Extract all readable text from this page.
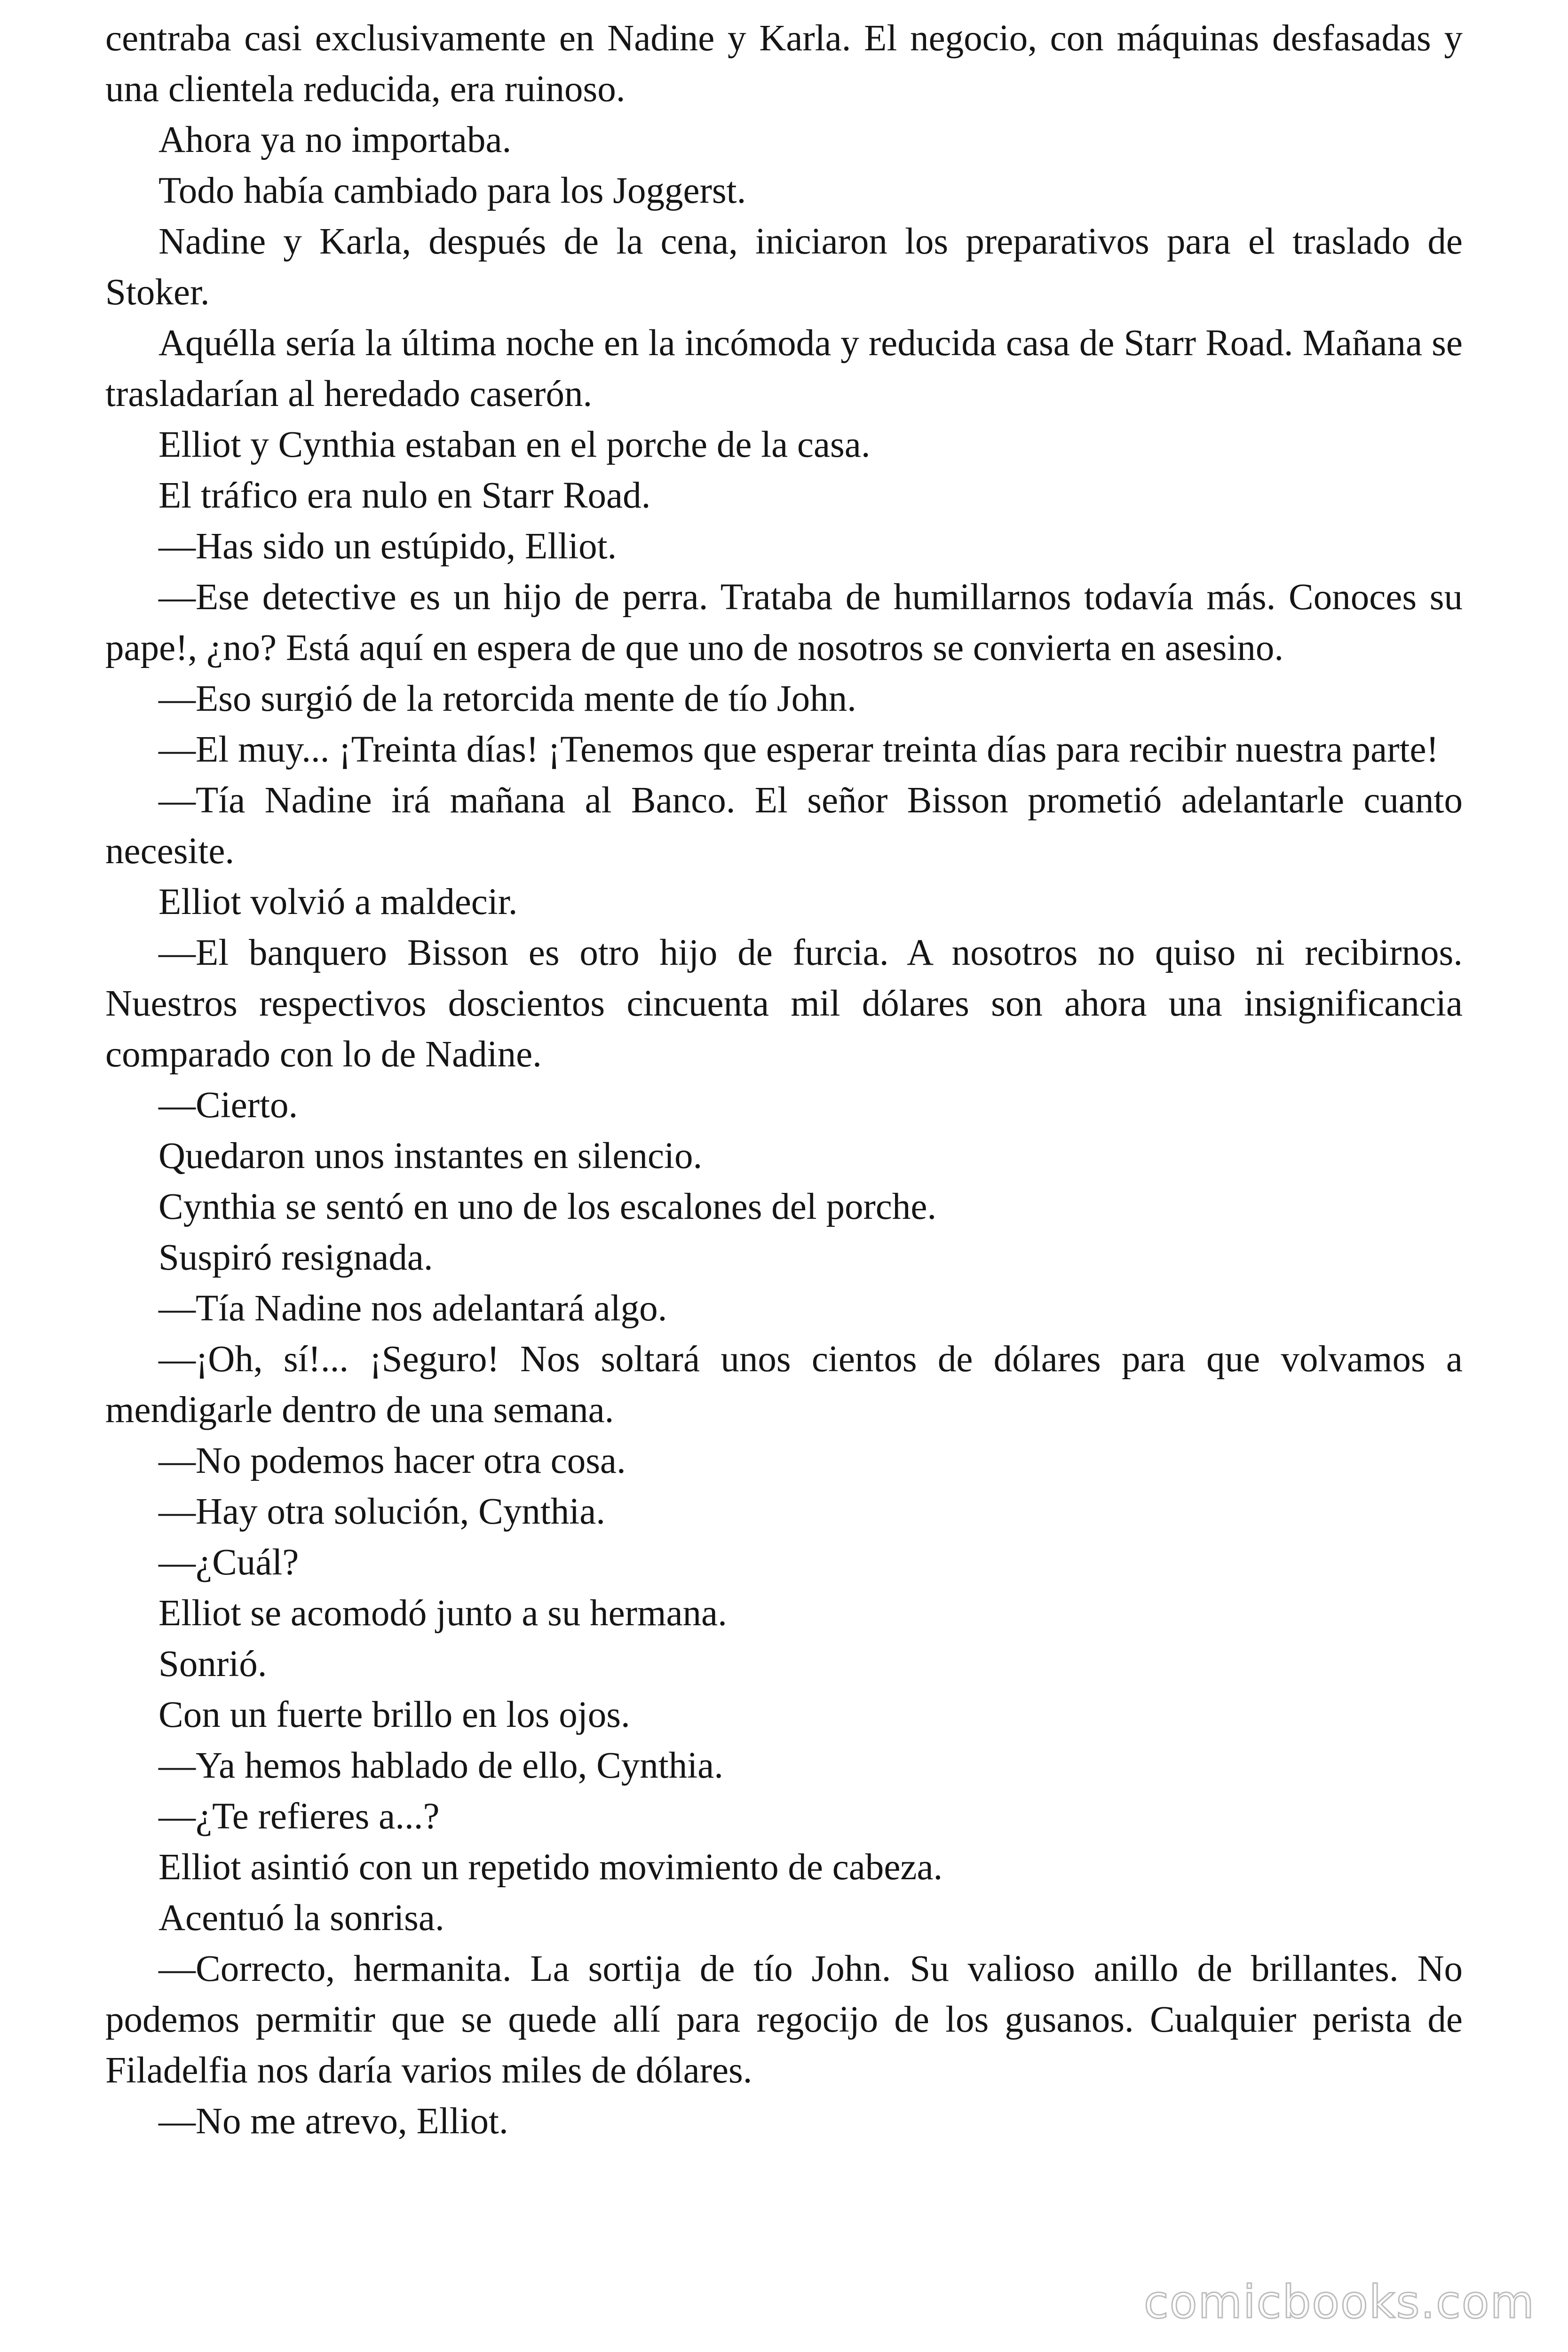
centraba casi exclusivamente en Nadine y Karla. El negocio, con máquinas desfasadas y una clientela reducida, era ruinoso.

Ahora ya no importaba.

Todo había cambiado para los Joggerst.

Nadine y Karla, después de la cena, iniciaron los preparativos para el traslado de Stoker.

Aquélla sería la última noche en la incómoda y reducida casa de Starr Road. Mañana se trasladarían al heredado caserón.

Elliot y Cynthia estaban en el porche de la casa.

El tráfico era nulo en Starr Road.

—Has sido un estúpido, Elliot.

—Ese detective es un hijo de perra. Trataba de humillarnos todavía más. Conoces su pape!, ¿no? Está aquí en espera de que uno de nosotros se convierta en asesino.

—Eso surgió de la retorcida mente de tío John.

—El muy... ¡Treinta días! ¡Tenemos que esperar treinta días para recibir nuestra parte!

—Tía Nadine irá mañana al Banco. El señor Bisson prometió adelantarle cuanto necesite.

Elliot volvió a maldecir.

—El banquero Bisson es otro hijo de furcia. A nosotros no quiso ni recibirnos. Nuestros respectivos doscientos cincuenta mil dólares son ahora una insignificancia comparado con lo de Nadine.

—Cierto.

Quedaron unos instantes en silencio.

Cynthia se sentó en uno de los escalones del porche.

Suspiró resignada.

—Tía Nadine nos adelantará algo.

—¡Oh, sí!... ¡Seguro! Nos soltará unos cientos de dólares para que volvamos a mendigarle dentro de una semana.

—No podemos hacer otra cosa.

—Hay otra solución, Cynthia.

—¿Cuál?

Elliot se acomodó junto a su hermana.

Sonrió.

Con un fuerte brillo en los ojos.

—Ya hemos hablado de ello, Cynthia.

—¿Te refieres a...?

Elliot asintió con un repetido movimiento de cabeza.

Acentuó la sonrisa.

—Correcto, hermanita. La sortija de tío John. Su valioso anillo de brillantes. No podemos permitir que se quede allí para regocijo de los gusanos. Cualquier perista de Filadelfia nos daría varios miles de dólares.

—No me atrevo, Elliot.

comicbooks.com
